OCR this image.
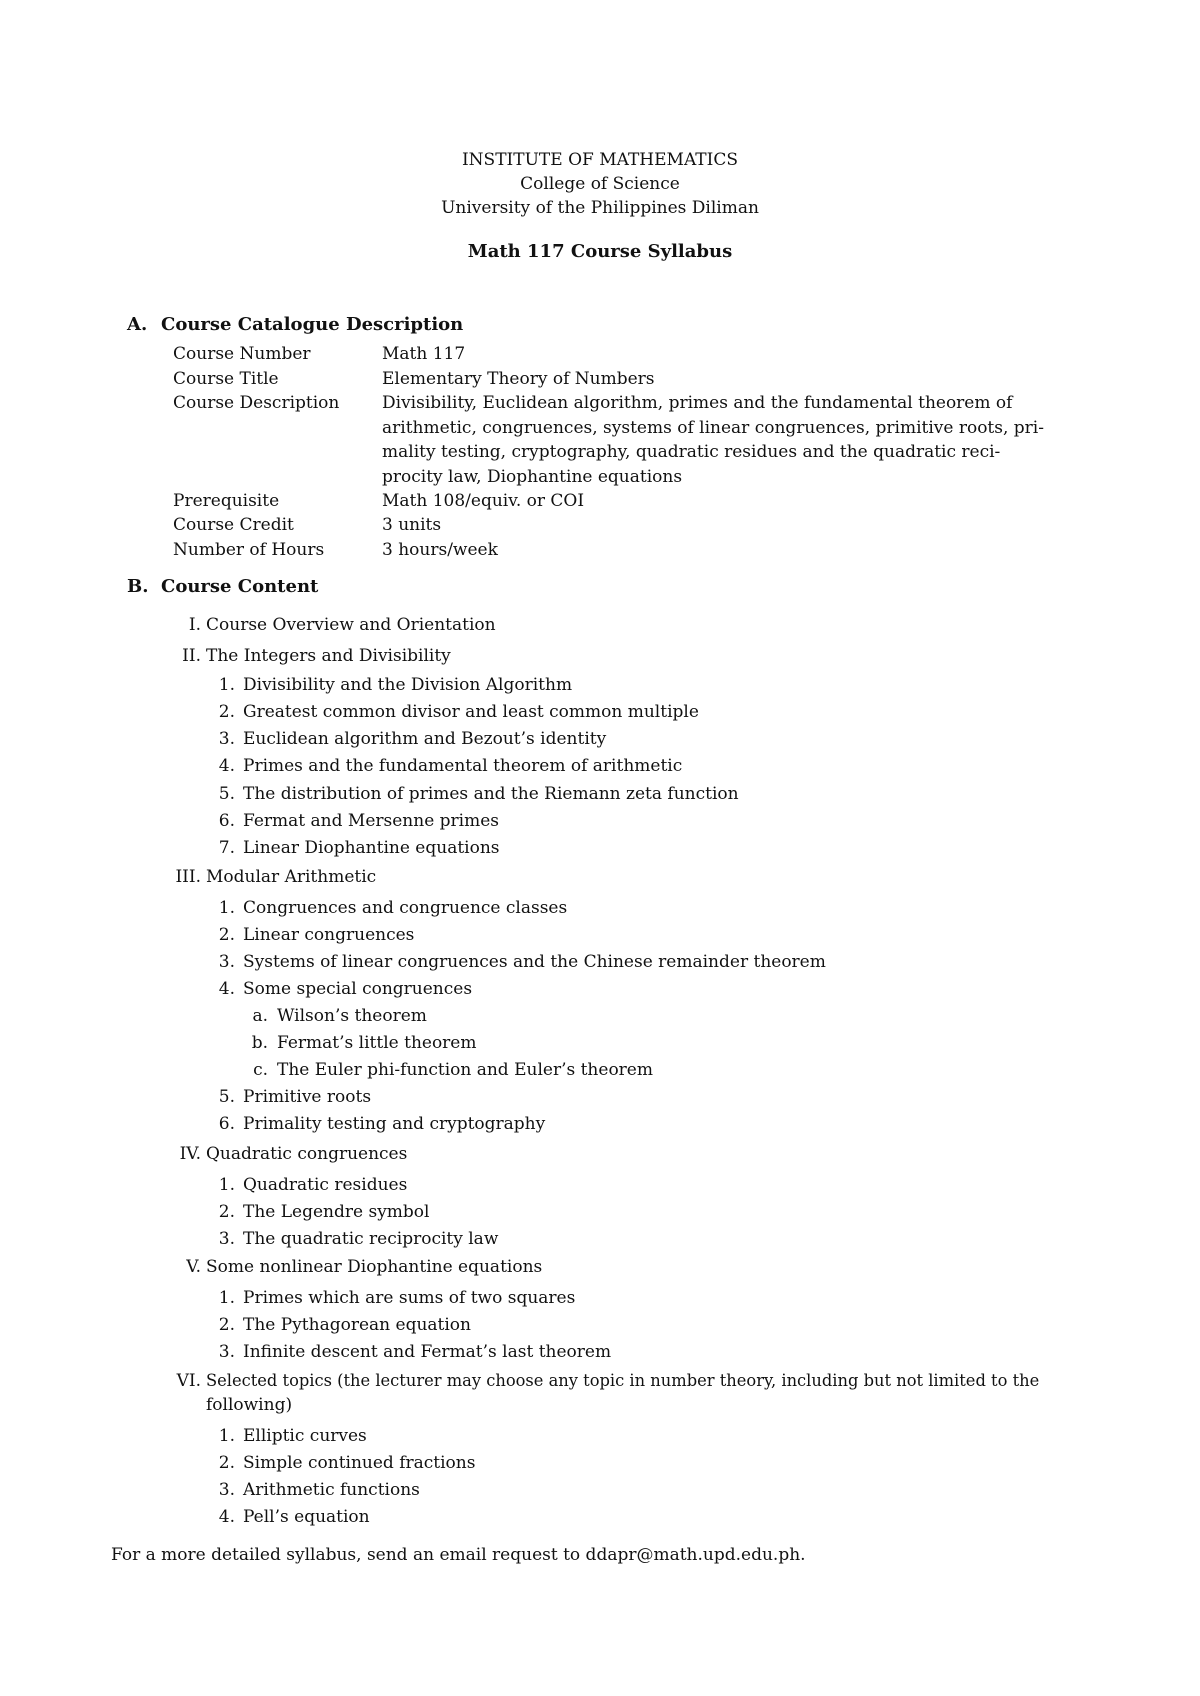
INSTITUTE OF MATHEMATICS
College of Science
University of the Philippines Diliman
Math 117 Course Syllabus
A. Course Catalogue Description
Course Number	Math 117
Course Title	Elementary Theory of Numbers
Course Description	Divisibility, Euclidean algorithm, primes and the fundamental theorem of
arithmetic, congruences, systems of linear congruences, primitive roots, pri-
mality testing, cryptography, quadratic residues and the quadratic reci-
procity law, Diophantine equations
Prerequisite	Math 108/equiv. or COI
Course Credit	3 units
Number of Hours	3 hours/week
B. Course Content
I. Course Overview and Orientation
II. The Integers and Divisibility
1. Divisibility and the Division Algorithm
2. Greatest common divisor and least common multiple
3. Euclidean algorithm and Bezout’s identity
4. Primes and the fundamental theorem of arithmetic
5. The distribution of primes and the Riemann zeta function
6. Fermat and Mersenne primes
7. Linear Diophantine equations
III. Modular Arithmetic
1. Congruences and congruence classes
2. Linear congruences
3. Systems of linear congruences and the Chinese remainder theorem
4. Some special congruences
a. Wilson’s theorem
b. Fermat’s little theorem
c. The Euler phi-function and Euler’s theorem
5. Primitive roots
6. Primality testing and cryptography
IV. Quadratic congruences
1. Quadratic residues
2. The Legendre symbol
3. The quadratic reciprocity law
V. Some nonlinear Diophantine equations
1. Primes which are sums of two squares
2. The Pythagorean equation
3. Infinite descent and Fermat’s last theorem
VI. Selected topics (the lecturer may choose any topic in number theory, including but not limited to the
following)
1. Elliptic curves
2. Simple continued fractions
3. Arithmetic functions
4. Pell’s equation
For a more detailed syllabus, send an email request to ddapr@math.upd.edu.ph.
